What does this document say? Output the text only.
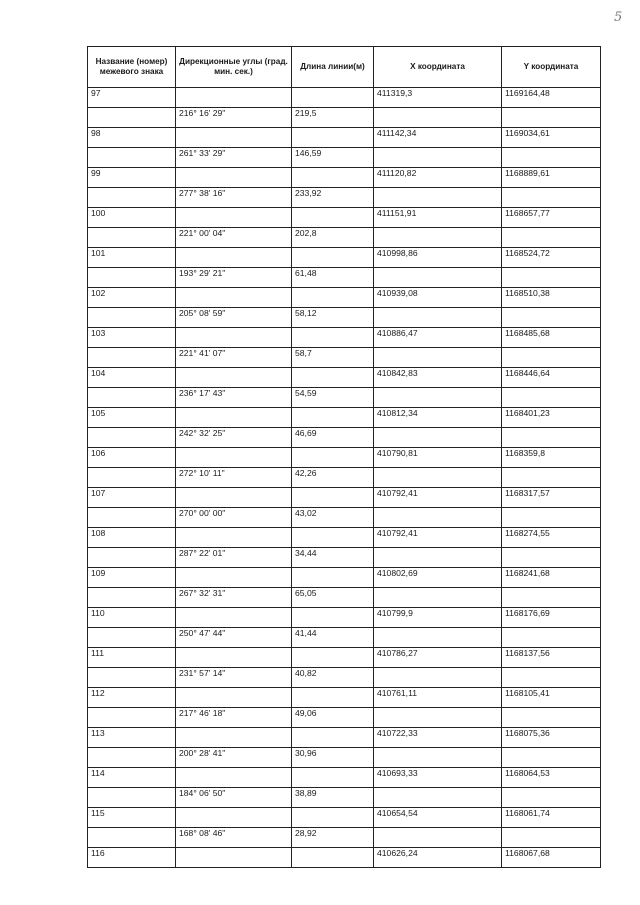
5
Название (номер) межевого знака	Дирекционные углы (град. мин. сек.)	Длина линии(м)	X координата	Y координата
97			411319,3	1169164,48
	216° 16' 29"	219,5		
98			411142,34	1169034,61
	261° 33' 29"	146,59		
99			411120,82	1168889,61
	277° 38' 16"	233,92		
100			411151,91	1168657,77
	221° 00' 04"	202,8		
101			410998,86	1168524,72
	193° 29' 21"	61,48		
102			410939,08	1168510,38
	205° 08' 59"	58,12		
103			410886,47	1168485,68
	221° 41' 07"	58,7		
104			410842,83	1168446,64
	236° 17' 43"	54,59		
105			410812,34	1168401,23
	242° 32' 25"	46,69		
106			410790,81	1168359,8
	272° 10' 11"	42,26		
107			410792,41	1168317,57
	270° 00' 00"	43,02		
108			410792,41	1168274,55
	287° 22' 01"	34,44		
109			410802,69	1168241,68
	267° 32' 31"	65,05		
110			410799,9	1168176,69
	250° 47' 44"	41,44		
111			410786,27	1168137,56
	231° 57' 14"	40,82		
112			410761,11	1168105,41
	217° 46' 18"	49,06		
113			410722,33	1168075,36
	200° 28' 41"	30,96		
114			410693,33	1168064,53
	184° 06' 50"	38,89		
115			410654,54	1168061,74
	168° 08' 46"	28,92		
116			410626,24	1168067,68
